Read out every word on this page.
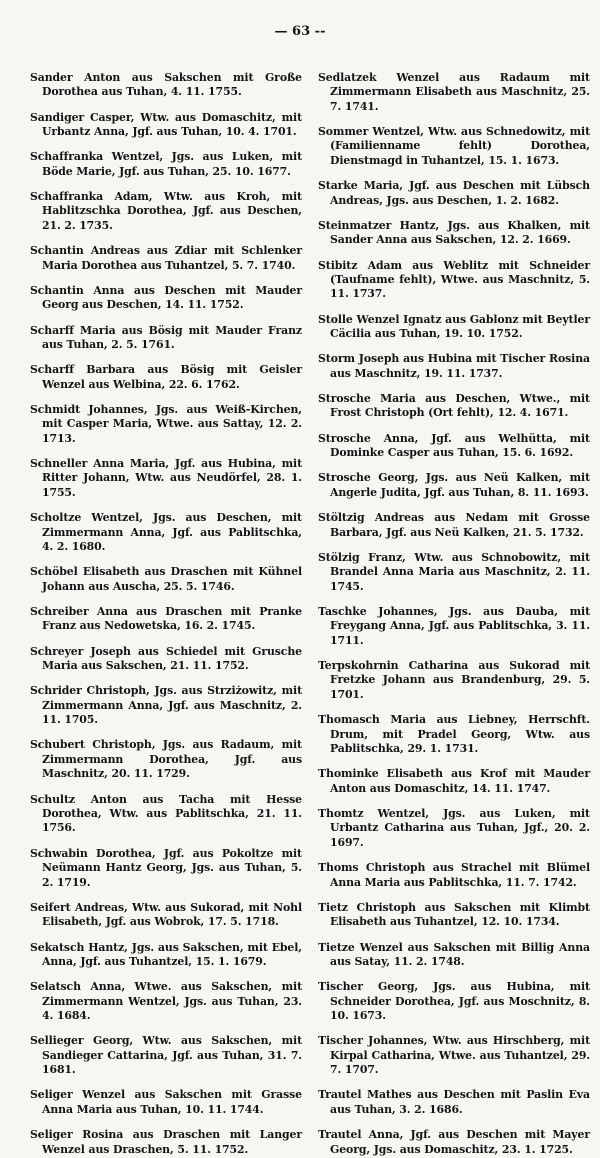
— 63 --

Sander Anton aus Sakschen mit Große Dorothea aus Tuhan, 4. 11. 1755.

Sandiger Casper, Wtw. aus Domaschitz, mit Urbantz Anna, Jgf. aus Tuhan, 10. 4. 1701.

Schaffranka Wentzel, Jgs. aus Luken, mit Böde Marie, Jgf. aus Tuhan, 25. 10. 1677.

Schaffranka Adam, Wtw. aus Kroh, mit Hablitzschka Dorothea, Jgf. aus Deschen, 21. 2. 1735.

Schantin Andreas aus Zdiar mit Schlenker Maria Dorothea aus Tuhantzel, 5. 7. 1740.

Schantin Anna aus Deschen mit Mauder Georg aus Deschen, 14. 11. 1752.

Scharff Maria aus Bösig mit Mauder Franz aus Tuhan, 2. 5. 1761.

Scharff Barbara aus Bösig mit Geisler Wenzel aus Welbina, 22. 6. 1762.

Schmidt Johannes, Jgs. aus Weiß-Kirchen, mit Casper Maria, Wtwe. aus Sattay, 12. 2. 1713.

Schneller Anna Maria, Jgf. aus Hubina, mit Ritter Johann, Wtw. aus Neudörfel, 28. 1. 1755.

Scholtze Wentzel, Jgs. aus Deschen, mit Zimmermann Anna, Jgf. aus Pablitschka, 4. 2. 1680.

Schöbel Elisabeth aus Draschen mit Kühnel Johann aus Auscha, 25. 5. 1746.

Schreiber Anna aus Draschen mit Pranke Franz aus Nedowetska, 16. 2. 1745.

Schreyer Joseph aus Schiedel mit Grusche Maria aus Sakschen, 21. 11. 1752.

Schrider Christoph, Jgs. aus Strziżowitz, mit Zimmermann Anna, Jgf. aus Maschnitz, 2. 11. 1705.

Schubert Christoph, Jgs. aus Radaum, mit Zimmermann Dorothea, Jgf. aus Maschnitz, 20. 11. 1729.

Schultz Anton aus Tacha mit Hesse Dorothea, Wtw. aus Pablitschka, 21. 11. 1756.

Schwabin Dorothea, Jgf. aus Pokoltze mit Neümann Hantz Georg, Jgs. aus Tuhan, 5. 2. 1719.

Seifert Andreas, Wtw. aus Sukorad, mit Nohl Elisabeth, Jgf. aus Wobrok, 17. 5. 1718.

Sekatsch Hantz, Jgs. aus Sakschen, mit Ebel, Anna, Jgf. aus Tuhantzel, 15. 1. 1679.

Selatsch Anna, Wtwe. aus Sakschen, mit Zimmermann Wentzel, Jgs. aus Tuhan, 23. 4. 1684.

Sellieger Georg, Wtw. aus Sakschen, mit Sandieger Cattarina, Jgf. aus Tuhan, 31. 7. 1681.

Seliger Wenzel aus Sakschen mit Grasse Anna Maria aus Tuhan, 10. 11. 1744.

Seliger Rosina aus Draschen mit Langer Wenzel aus Draschen, 5. 11. 1752.

Sedlatzek Wenzel aus Radaum mit Zimmermann Elisabeth aus Maschnitz, 25. 7. 1741.

Sommer Wentzel, Wtw. aus Schnedowitz, mit (Familienname fehlt) Dorothea, Dienstmagd in Tuhantzel, 15. 1. 1673.

Starke Maria, Jgf. aus Deschen mit Lübsch Andreas, Jgs. aus Deschen, 1. 2. 1682.

Steinmatzer Hantz, Jgs. aus Khalken, mit Sander Anna aus Sakschen, 12. 2. 1669.

Stibitz Adam aus Weblitz mit Schneider (Taufname fehlt), Wtwe. aus Maschnitz, 5. 11. 1737.

Stolle Wenzel Ignatz aus Gablonz mit Beytler Cäcilia aus Tuhan, 19. 10. 1752.

Storm Joseph aus Hubina mit Tischer Rosina aus Maschnitz, 19. 11. 1737.

Strosche Maria aus Deschen, Wtwe., mit Frost Christoph (Ort fehlt), 12. 4. 1671.

Strosche Anna, Jgf. aus Welhütta, mit Dominke Casper aus Tuhan, 15. 6. 1692.

Strosche Georg, Jgs. aus Neü Kalken, mit Angerle Judita, Jgf. aus Tuhan, 8. 11. 1693.

Stöltzig Andreas aus Nedam mit Grosse Barbara, Jgf. aus Neü Kalken, 21. 5. 1732.

Stölzig Franz, Wtw. aus Schnobowitz, mit Brandel Anna Maria aus Maschnitz, 2. 11. 1745.

Taschke Johannes, Jgs. aus Dauba, mit Freygang Anna, Jgf. aus Pablitschka, 3. 11. 1711.

Terpskohrnin Catharina aus Sukorad mit Fretzke Johann aus Brandenburg, 29. 5. 1701.

Thomasch Maria aus Liebney, Herrschft. Drum, mit Pradel Georg, Wtw. aus Pablitschka, 29. 1. 1731.

Thominke Elisabeth aus Krof mit Mauder Anton aus Domaschitz, 14. 11. 1747.

Thomtz Wentzel, Jgs. aus Luken, mit Urbantz Catharina aus Tuhan, Jgf., 20. 2. 1697.

Thoms Christoph aus Strachel mit Blümel Anna Maria aus Pablitschka, 11. 7. 1742.

Tietz Christoph aus Sakschen mit Klimbt Elisabeth aus Tuhantzel, 12. 10. 1734.

Tietze Wenzel aus Sakschen mit Billig Anna aus Satay, 11. 2. 1748.

Tischer Georg, Jgs. aus Hubina, mit Schneider Dorothea, Jgf. aus Moschnitz, 8. 10. 1673.

Tischer Johannes, Wtw. aus Hirschberg, mit Kirpal Catharina, Wtwe. aus Tuhantzel, 29. 7. 1707.

Trautel Mathes aus Deschen mit Paslin Eva aus Tuhan, 3. 2. 1686.

Trautel Anna, Jgf. aus Deschen mit Mayer Georg, Jgs. aus Domaschitz, 23. 1. 1725.
